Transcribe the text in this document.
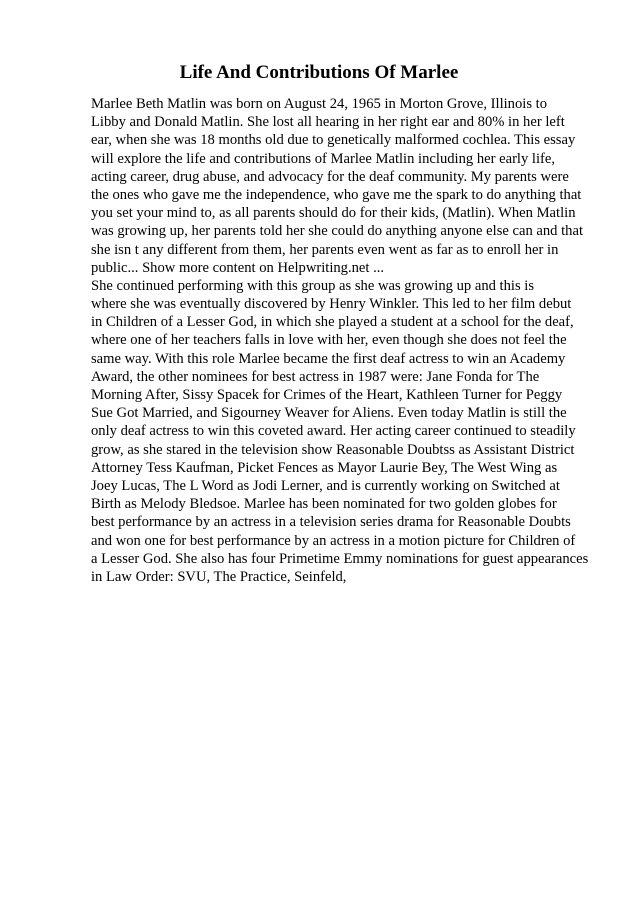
Life And Contributions Of Marlee
Marlee Beth Matlin was born on August 24, 1965 in Morton Grove, Illinois to
Libby and Donald Matlin. She lost all hearing in her right ear and 80% in her left
ear, when she was 18 months old due to genetically malformed cochlea. This essay
will explore the life and contributions of Marlee Matlin including her early life,
acting career, drug abuse, and advocacy for the deaf community. My parents were
the ones who gave me the independence, who gave me the spark to do anything that
you set your mind to, as all parents should do for their kids, (Matlin). When Matlin
was growing up, her parents told her she could do anything anyone else can and that
she isn t any different from them, her parents even went as far as to enroll her in
public... Show more content on Helpwriting.net ...
She continued performing with this group as she was growing up and this is
where she was eventually discovered by Henry Winkler. This led to her film debut
in Children of a Lesser God, in which she played a student at a school for the deaf,
where one of her teachers falls in love with her, even though she does not feel the
same way. With this role Marlee became the first deaf actress to win an Academy
Award, the other nominees for best actress in 1987 were: Jane Fonda for The
Morning After, Sissy Spacek for Crimes of the Heart, Kathleen Turner for Peggy
Sue Got Married, and Sigourney Weaver for Aliens. Even today Matlin is still the
only deaf actress to win this coveted award. Her acting career continued to steadily
grow, as she stared in the television show Reasonable Doubtss as Assistant District
Attorney Tess Kaufman, Picket Fences as Mayor Laurie Bey, The West Wing as
Joey Lucas, The L Word as Jodi Lerner, and is currently working on Switched at
Birth as Melody Bledsoe. Marlee has been nominated for two golden globes for
best performance by an actress in a television series drama for Reasonable Doubts
and won one for best performance by an actress in a motion picture for Children of
a Lesser God. She also has four Primetime Emmy nominations for guest appearances
in Law Order: SVU, The Practice, Seinfeld,
